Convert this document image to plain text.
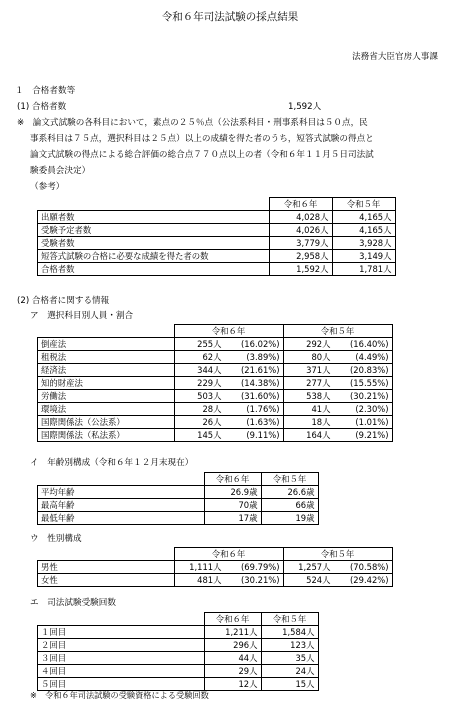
令和６年司法試験の採点結果
法務省大臣官房人事課
１　合格者数等
(1) 合格者数	1,592人
※　論文式試験の各科目において，素点の２５％点（公法系科目・刑事系科目は５０点，民
事系科目は７５点，選択科目は２５点）以上の成績を得た者のうち，短答式試験の得点と
論文式試験の得点による総合評価の総合点７７０点以上の者（令和６年１１月５日司法試
験委員会決定）
（参考）
	令和６年	令和５年
出願者数	4,028人	4,165人
受験予定者数	4,026人	4,165人
受験者数	3,779人	3,928人
短答式試験の合格に必要な成績を得た者の数	2,958人	3,149人
合格者数	1,592人	1,781人
(2) 合格者に関する情報
ア　選択科目別人員・割合
	令和６年		令和５年	
倒産法	255人	(16.02%)	292人	(16.40%)
租税法	62人	(3.89%)	80人	(4.49%)
経済法	344人	(21.61%)	371人	(20.83%)
知的財産法	229人	(14.38%)	277人	(15.55%)
労働法	503人	(31.60%)	538人	(30.21%)
環境法	28人	(1.76%)	41人	(2.30%)
国際関係法（公法系）	26人	(1.63%)	18人	(1.01%)
国際関係法（私法系）	145人	(9.11%)	164人	(9.21%)
イ　年齢別構成（令和６年１２月末現在）
	令和６年	令和５年
平均年齢	26.9歳	26.6歳
最高年齢	70歳	66歳
最低年齢	17歳	19歳
ウ　性別構成
	令和６年		令和５年	
男性	1,111人	(69.79%)	1,257人	(70.58%)
女性	481人	(30.21%)	524人	(29.42%)
エ　司法試験受験回数
	令和６年	令和５年
１回目	1,211人	1,584人
２回目	296人	123人
３回目	44人	35人
４回目	29人	24人
５回目	12人	15人
※　令和６年司法試験の受験資格による受験回数
